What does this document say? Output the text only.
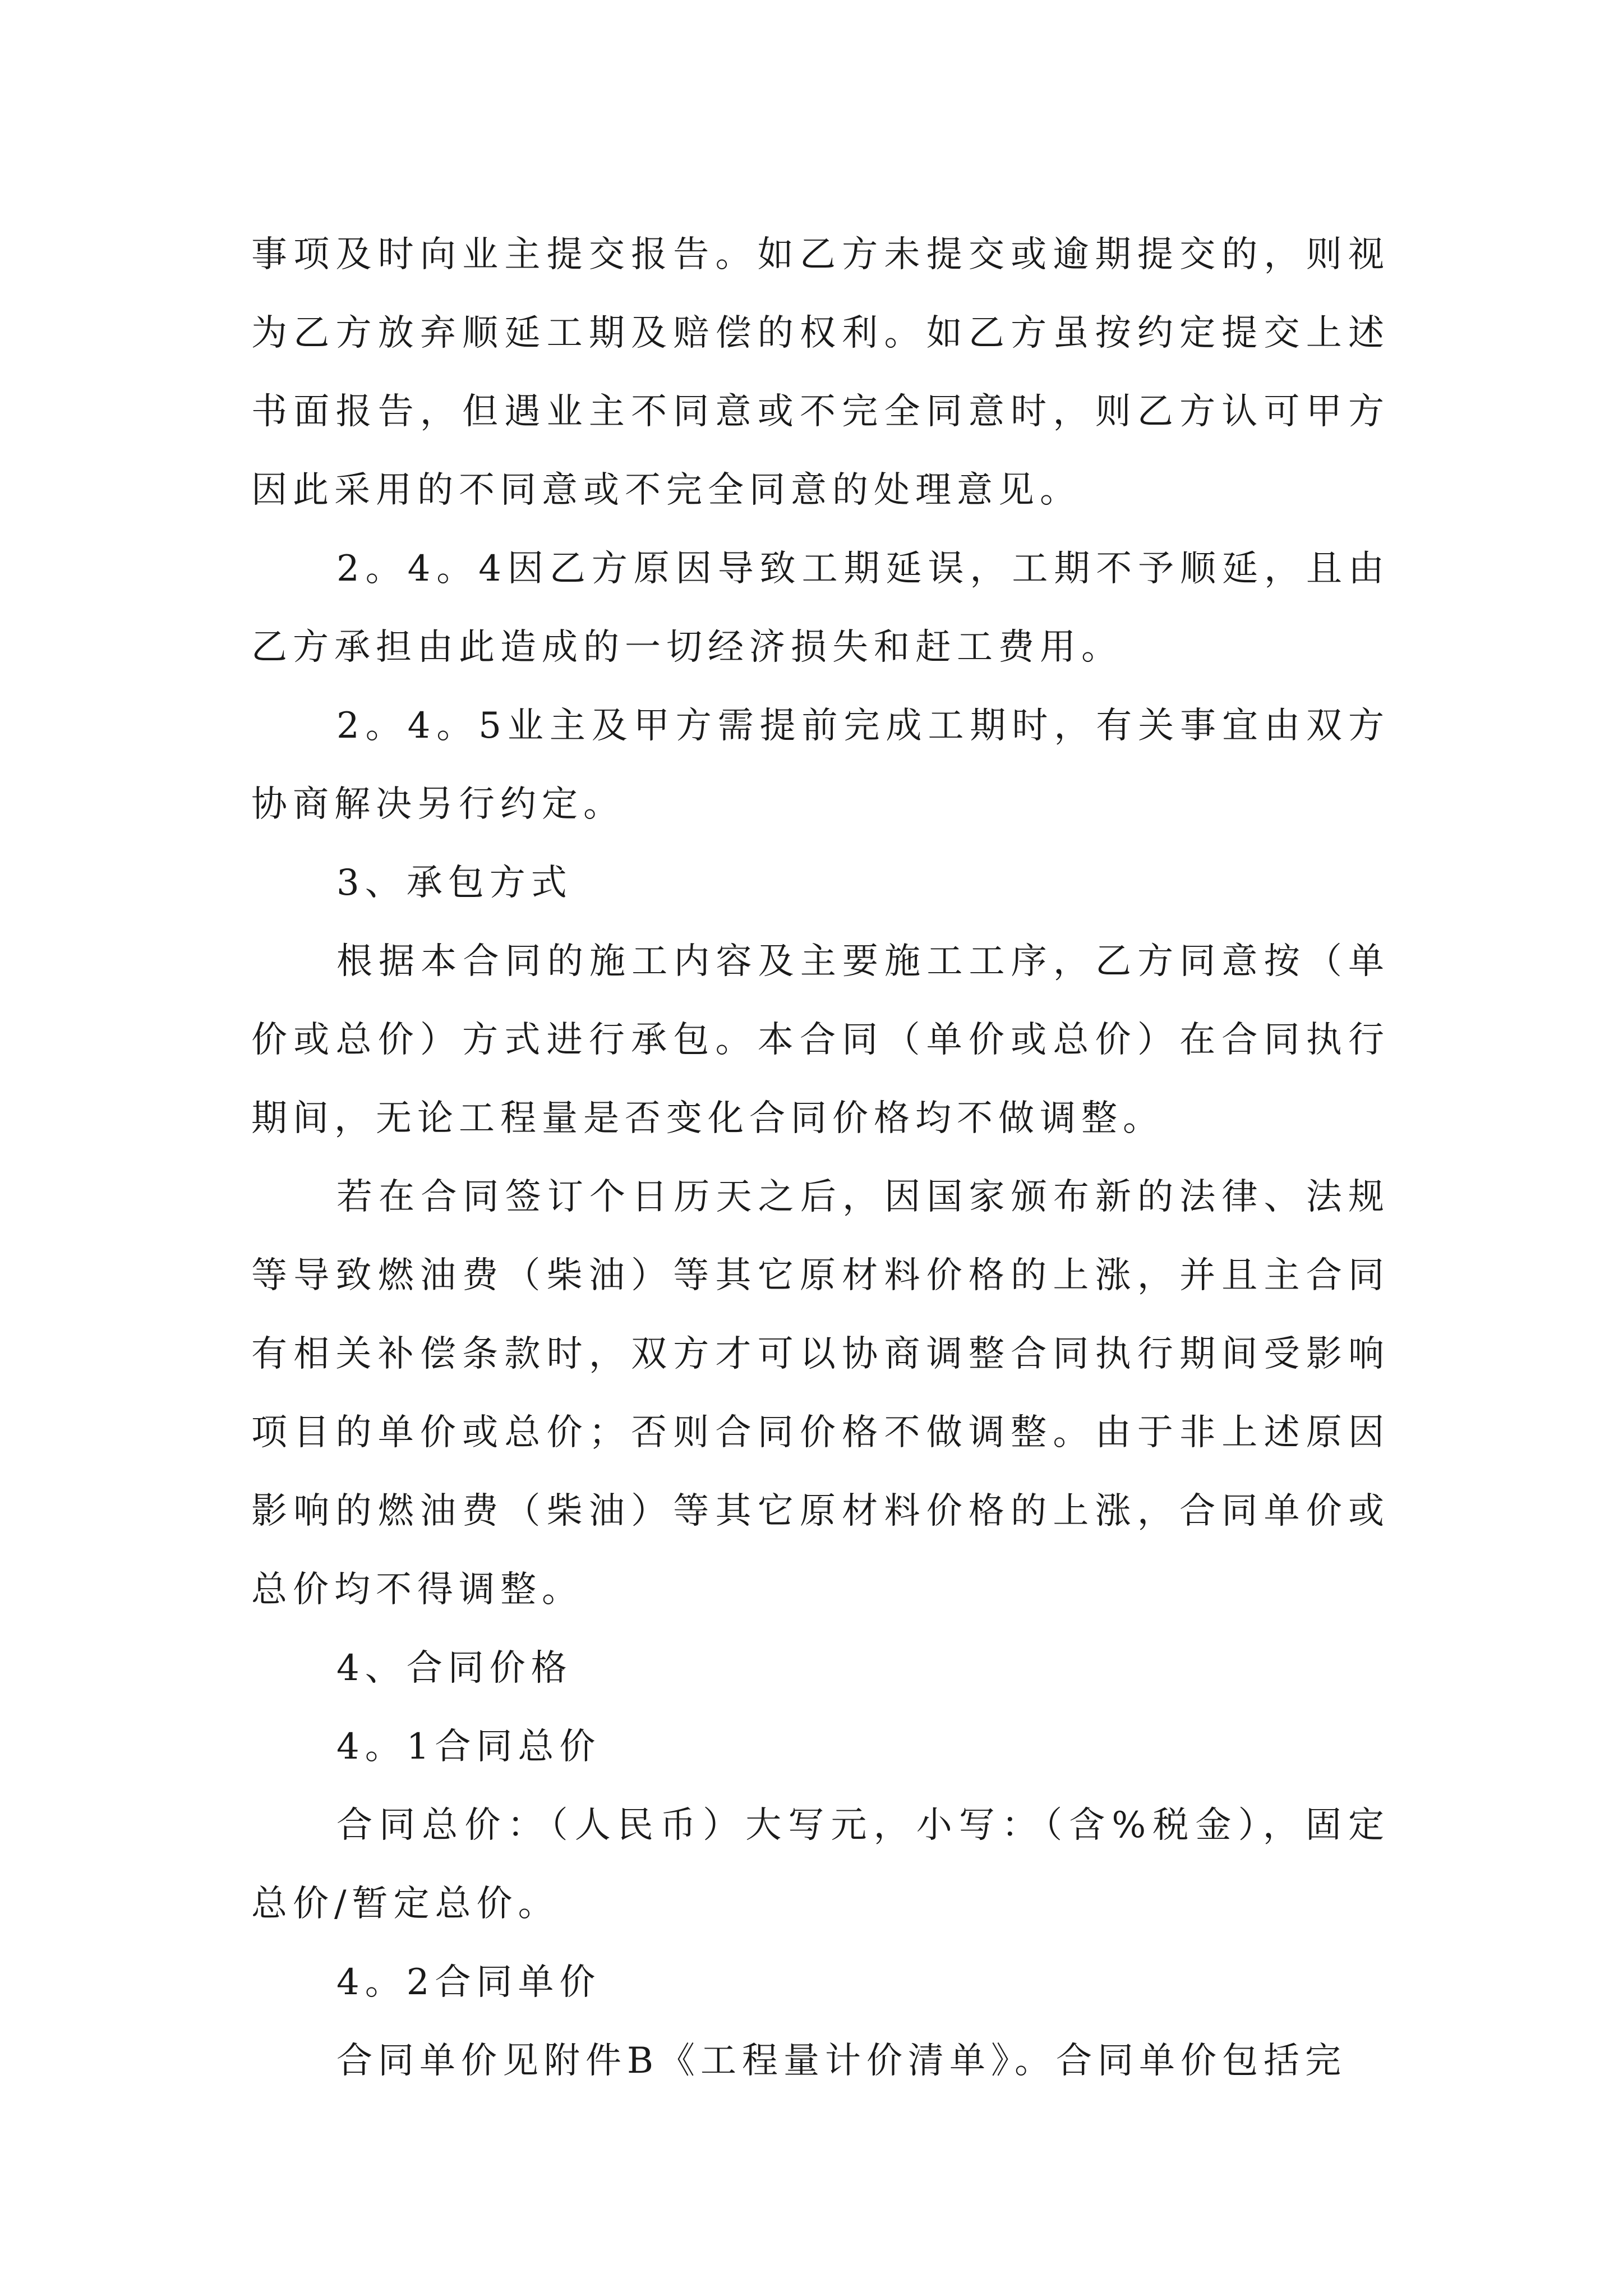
事项及时向业主提交报告。如乙方未提交或逾期提交的，则视为乙方放弃顺延工期及赔偿的权利。如乙方虽按约定提交上述书面报告，但遇业主不同意或不完全同意时，则乙方认可甲方因此采用的不同意或不完全同意的处理意见。

2。4。4因乙方原因导致工期延误，工期不予顺延，且由乙方承担由此造成的一切经济损失和赶工费用。

2。4。5业主及甲方需提前完成工期时，有关事宜由双方协商解决另行约定。

3、承包方式

根据本合同的施工内容及主要施工工序，乙方同意按（单价或总价）方式进行承包。本合同（单价或总价）在合同执行期间，无论工程量是否变化合同价格均不做调整。

若在合同签订个日历天之后，因国家颁布新的法律、法规等导致燃油费（柴油）等其它原材料价格的上涨，并且主合同有相关补偿条款时，双方才可以协商调整合同执行期间受影响项目的单价或总价；否则合同价格不做调整。由于非上述原因影响的燃油费（柴油）等其它原材料价格的上涨，合同单价或总价均不得调整。

4、合同价格

4。1合同总价

合同总价：（人民币）大写元，小写：（含%税金），固定总价/暂定总价。

4。2合同单价

合同单价见附件B《工程量计价清单》。合同单价包括完
